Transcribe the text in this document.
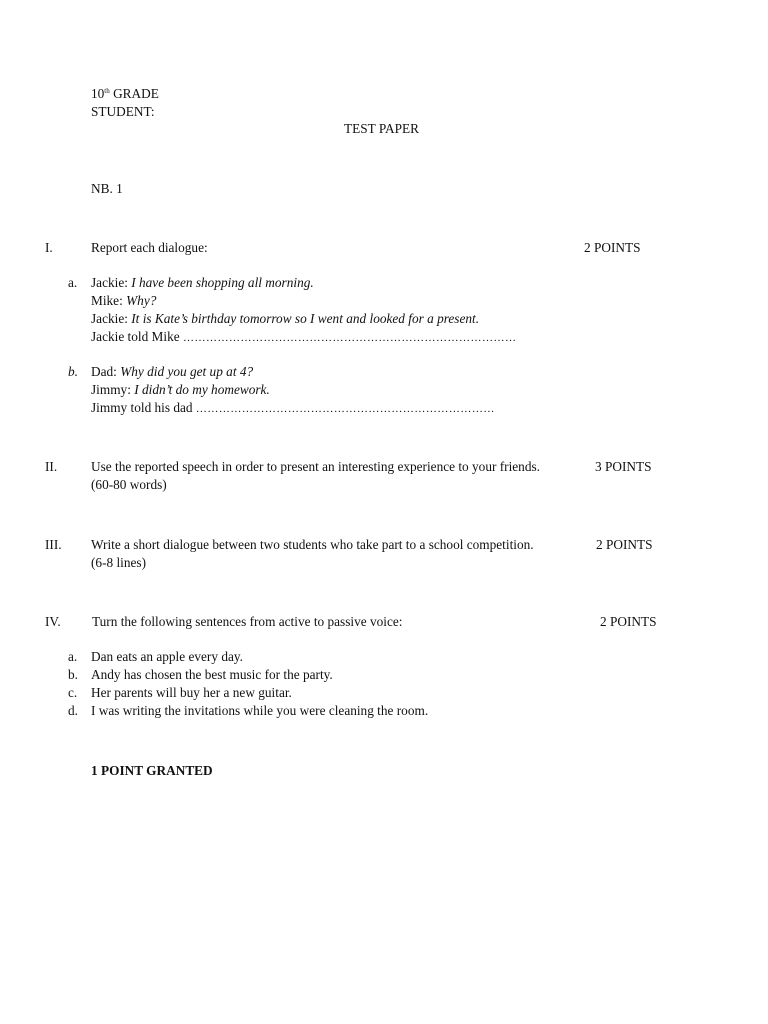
10th GRADE
STUDENT:
TEST PAPER
NB. 1
I.	Report each dialogue:	2 POINTS
a. Jackie: I have been shopping all morning.
Mike: Why?
Jackie: It is Kate’s birthday tomorrow so I went and looked for a present.
Jackie told Mike ……………………………………………………………………………
b. Dad: Why did you get up at 4?
Jimmy: I didn’t do my homework.
Jimmy told his dad ……………………………………………………………………
II.	Use the reported speech in order to present an interesting experience to your friends.	3 POINTS
(60-80 words)
III. Write a short dialogue between two students who take part to a school competition.	2 POINTS
(6-8 lines)
IV. Turn the following sentences from active to passive voice:	2 POINTS
a. Dan eats an apple every day.
b. Andy has chosen the best music for the party.
c. Her parents will buy her a new guitar.
d. I was writing the invitations while you were cleaning the room.
1 POINT GRANTED
